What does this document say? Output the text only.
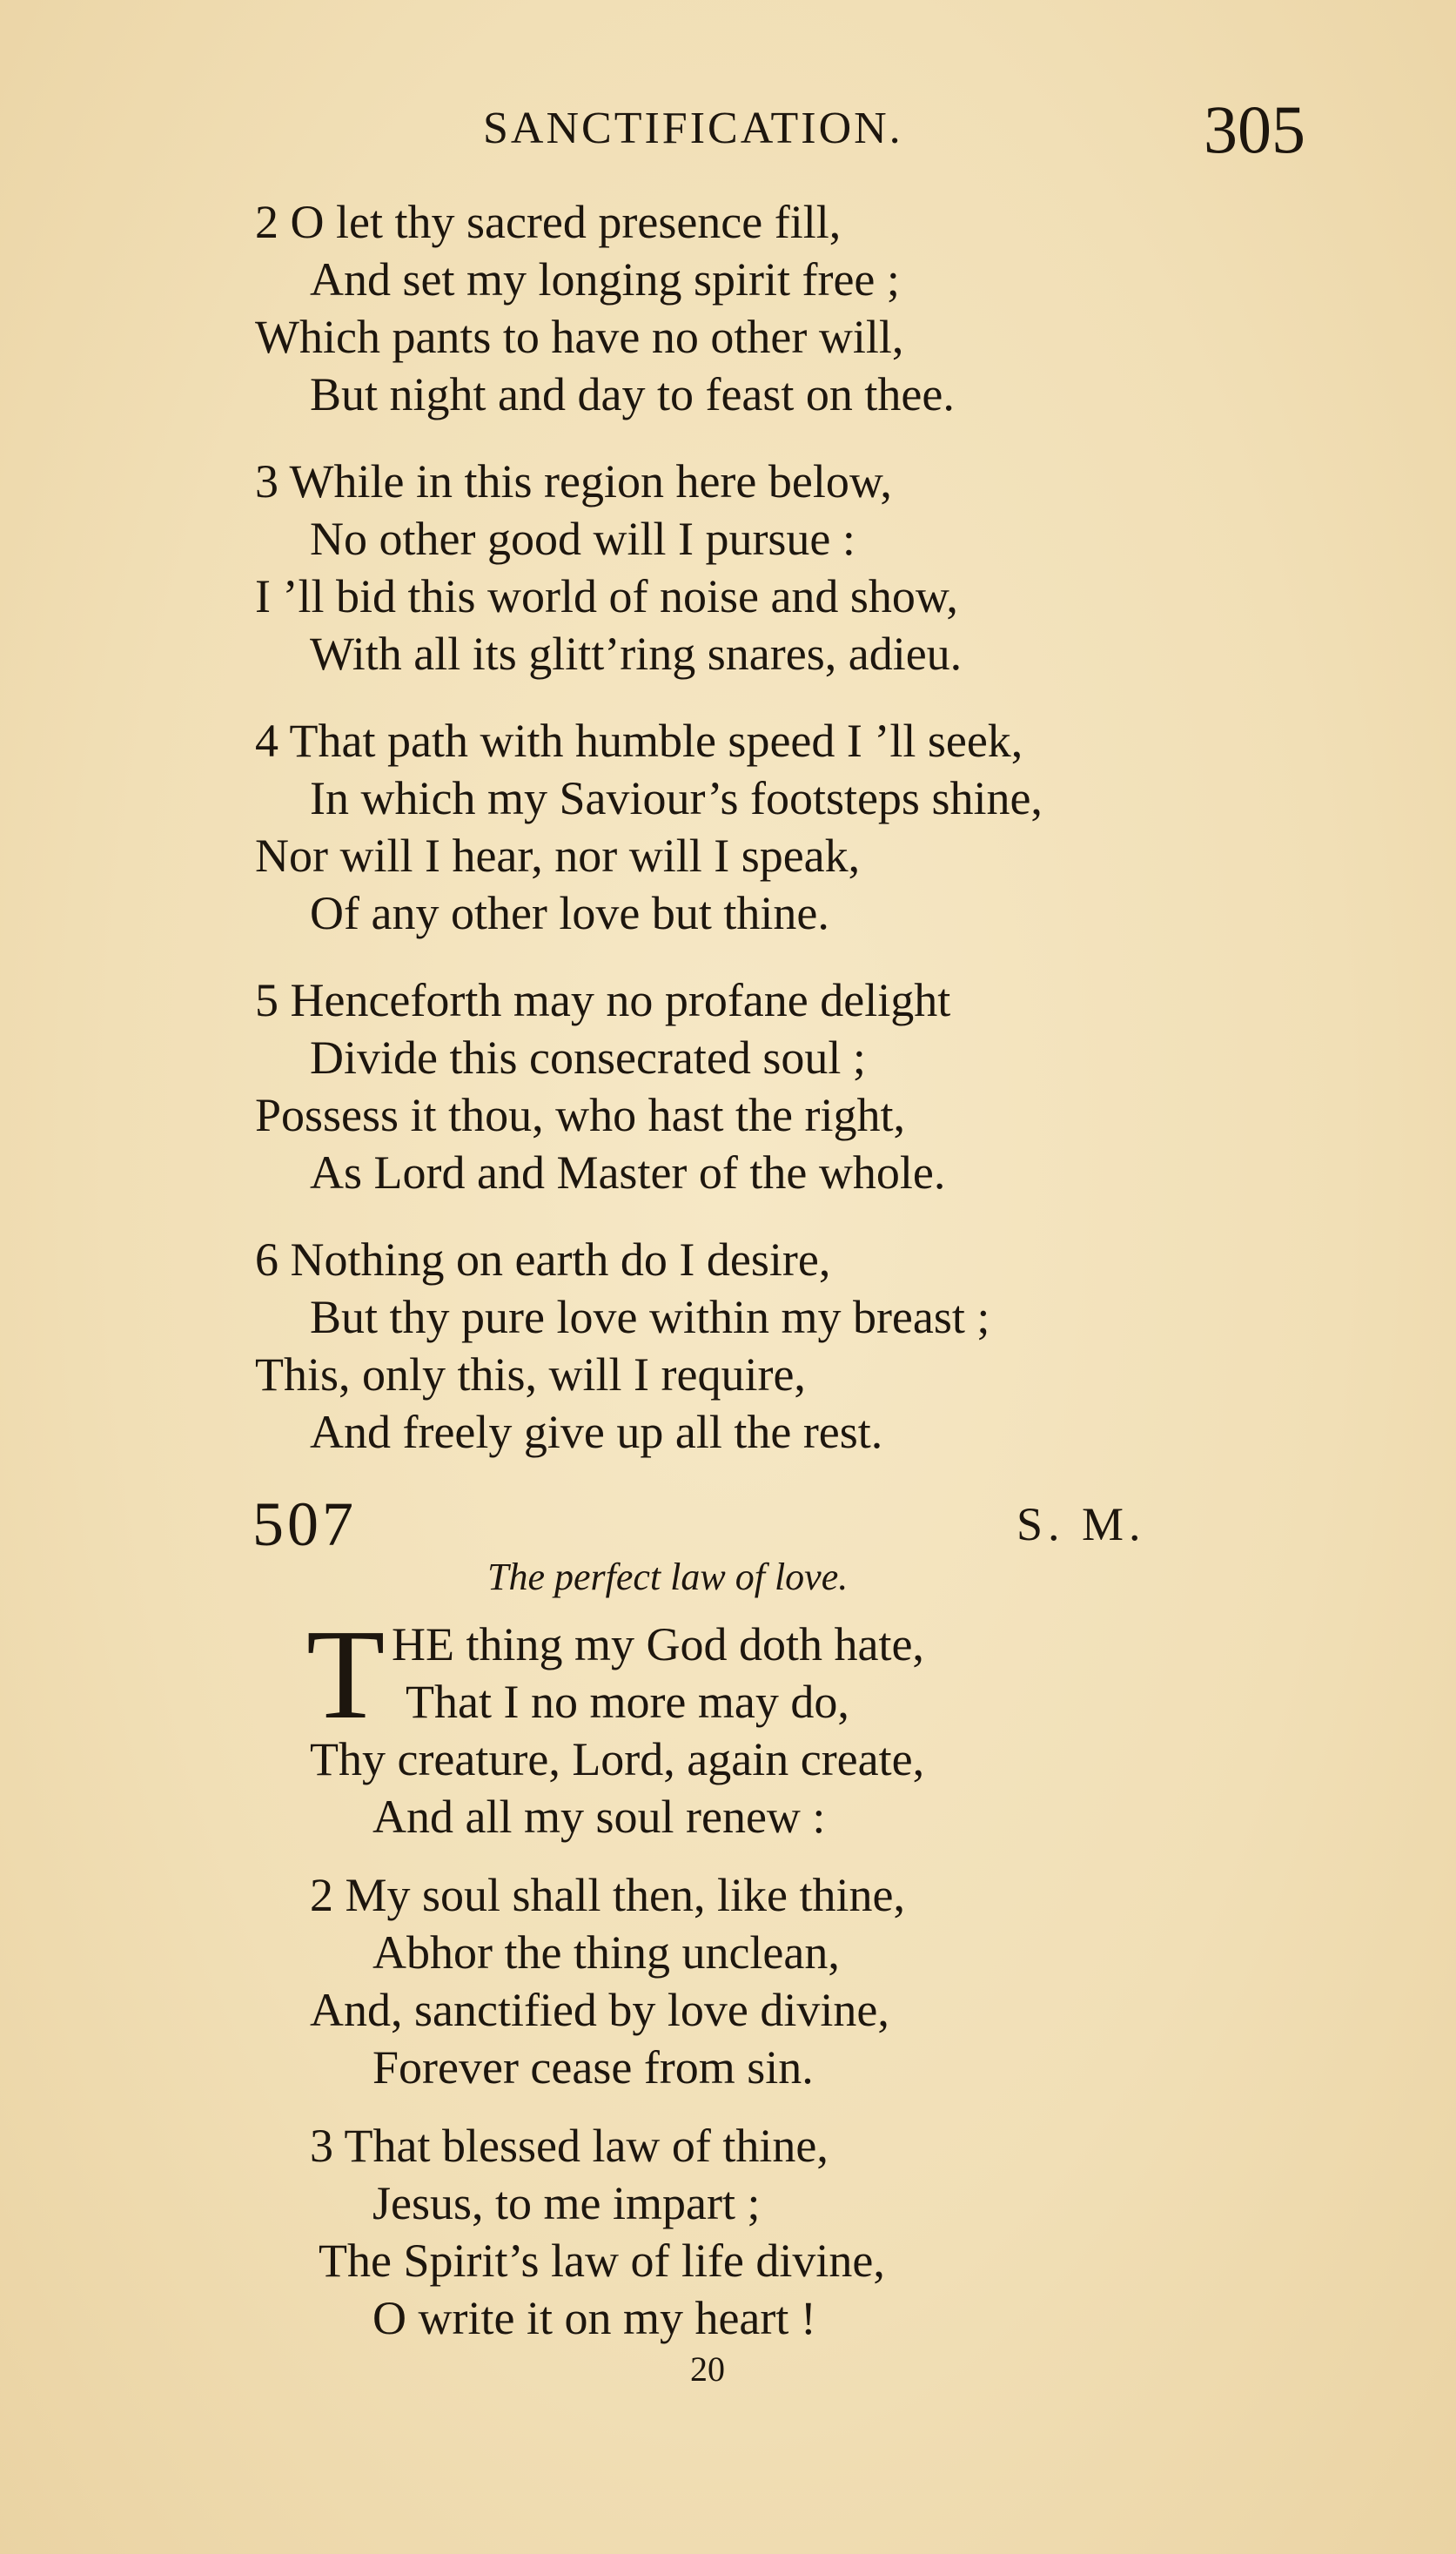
SANCTIFICATION.	305
2 O let thy sacred presence fill,
And set my longing spirit free ;
Which pants to have no other will,
But night and day to feast on thee.
3 While in this region here below,
No other good will I pursue :
I ’ll bid this world of noise and show,
With all its glitt’ring snares, adieu.
4 That path with humble speed I ’ll seek,
In which my Saviour’s footsteps shine,
Nor will I hear, nor will I speak,
Of any other love but thine.
5 Henceforth may no profane delight
Divide this consecrated soul ;
Possess it thou, who hast the right,
As Lord and Master of the whole.
6 Nothing on earth do I desire,
But thy pure love within my breast ;
This, only this, will I require,
And freely give up all the rest.
507	S. M.
The perfect law of love.
T HE thing my God doth hate,
That I no more may do,
Thy creature, Lord, again create,
And all my soul renew :
2 My soul shall then, like thine,
Abhor the thing unclean,
And, sanctified by love divine,
Forever cease from sin.
3 That blessed law of thine,
Jesus, to me impart ;
The Spirit’s law of life divine,
O write it on my heart !
20
